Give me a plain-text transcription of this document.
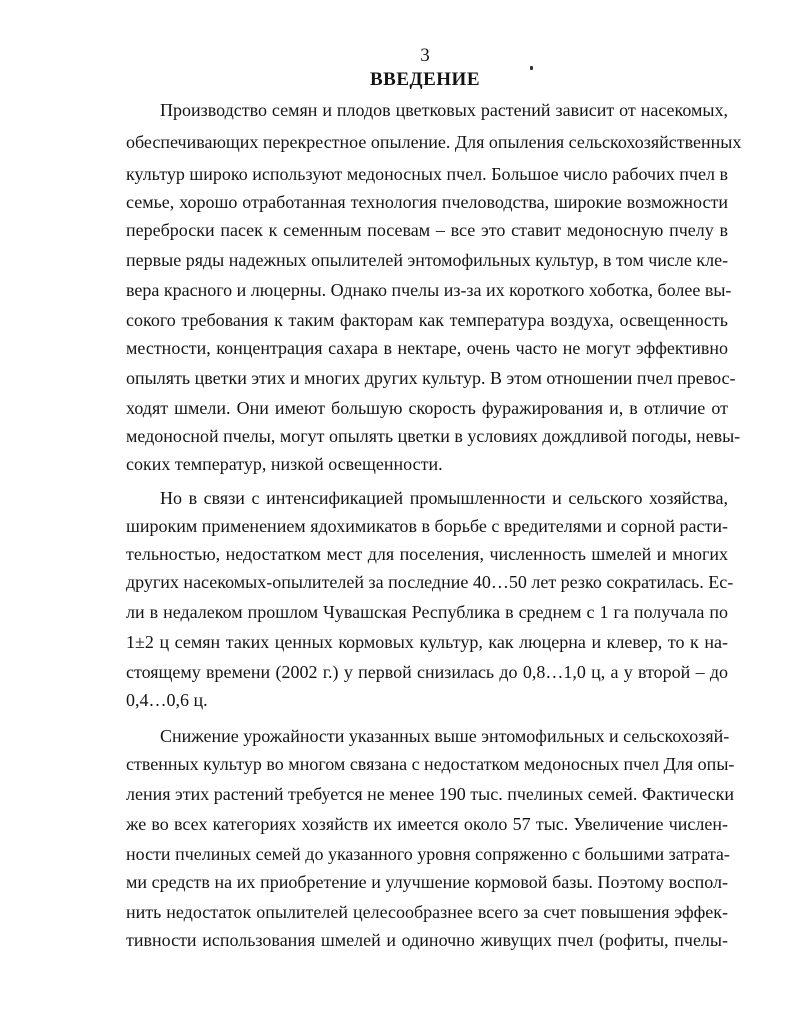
3
ВВЕДЕНИЕ
Производство семян и плодов цветковых растений зависит от насекомых,
обеспечивающих перекрестное опыление. Для опыления сельскохозяйственных
культур широко используют медоносных пчел. Большое число рабочих пчел в
семье, хорошо отработанная технология пчеловодства, широкие возможности
переброски пасек к семенным посевам – все это ставит медоносную пчелу в
первые ряды надежных опылителей энтомофильных культур, в том числе кле-
вера красного и люцерны. Однако пчелы из-за их короткого хоботка, более вы-
сокого требования к таким факторам как температура воздуха, освещенность
местности, концентрация сахара в нектаре, очень часто не могут эффективно
опылять цветки этих и многих других культур. В этом отношении пчел превос-
ходят шмели. Они имеют большую скорость фуражирования и, в отличие от
медоносной пчелы, могут опылять цветки в условиях дождливой погоды, невы-
соких температур, низкой освещенности.
Но в связи с интенсификацией промышленности и сельского хозяйства,
широким применением ядохимикатов в борьбе с вредителями и сорной расти-
тельностью, недостатком мест для поселения, численность шмелей и многих
других насекомых-опылителей за последние 40…50 лет резко сократилась. Ес-
ли в недалеком прошлом Чувашская Республика в среднем с 1 га получала по
1±2 ц семян таких ценных кормовых культур, как люцерна и клевер, то к на-
стоящему времени (2002 г.) у первой снизилась до 0,8…1,0 ц, а у второй – до
0,4…0,6 ц.
Снижение урожайности указанных выше энтомофильных и сельскохозяй-
ственных культур во многом связана с недостатком медоносных пчел Для опы-
ления этих растений требуется не менее 190 тыс. пчелиных семей. Фактически
же во всех категориях хозяйств их имеется около 57 тыс. Увеличение числен-
ности пчелиных семей до указанного уровня сопряженно с большими затрата-
ми средств на их приобретение и улучшение кормовой базы. Поэтому воспол-
нить недостаток опылителей целесообразнее всего за счет повышения эффек-
тивности использования шмелей и одиночно живущих пчел (рофиты, пчелы-
